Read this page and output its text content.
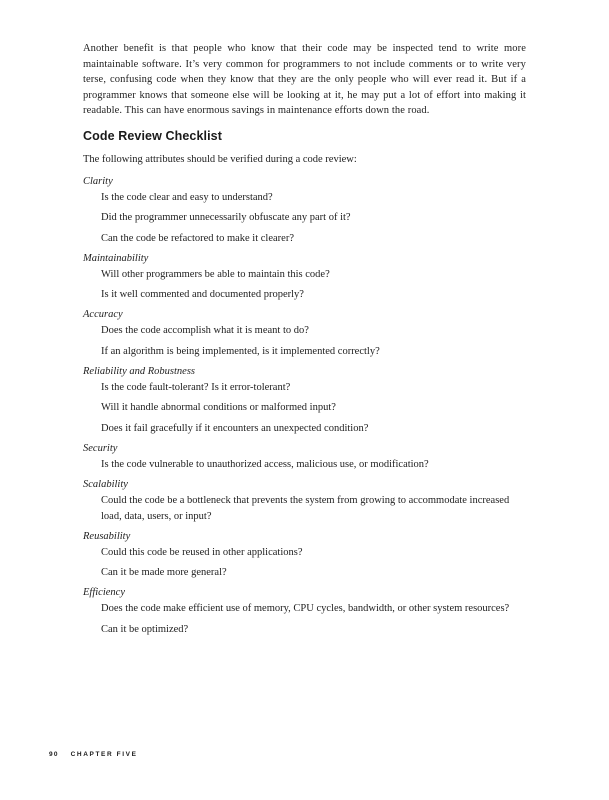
Another benefit is that people who know that their code may be inspected tend to write more maintainable software. It’s very common for programmers to not include comments or to write very terse, confusing code when they know that they are the only people who will ever read it. But if a programmer knows that someone else will be looking at it, he may put a lot of effort into making it readable. This can have enormous savings in maintenance efforts down the road.

Code Review Checklist

The following attributes should be verified during a code review:

Clarity

Is the code clear and easy to understand?

Did the programmer unnecessarily obfuscate any part of it?

Can the code be refactored to make it clearer?

Maintainability

Will other programmers be able to maintain this code?

Is it well commented and documented properly?

Accuracy

Does the code accomplish what it is meant to do?

If an algorithm is being implemented, is it implemented correctly?

Reliability and Robustness

Is the code fault-tolerant? Is it error-tolerant?

Will it handle abnormal conditions or malformed input?

Does it fail gracefully if it encounters an unexpected condition?

Security

Is the code vulnerable to unauthorized access, malicious use, or modification?

Scalability

Could the code be a bottleneck that prevents the system from growing to accommodate increased load, data, users, or input?

Reusability

Could this code be reused in other applications?

Can it be made more general?

Efficiency

Does the code make efficient use of memory, CPU cycles, bandwidth, or other system resources?

Can it be optimized?

90 CHAPTER FIVE
